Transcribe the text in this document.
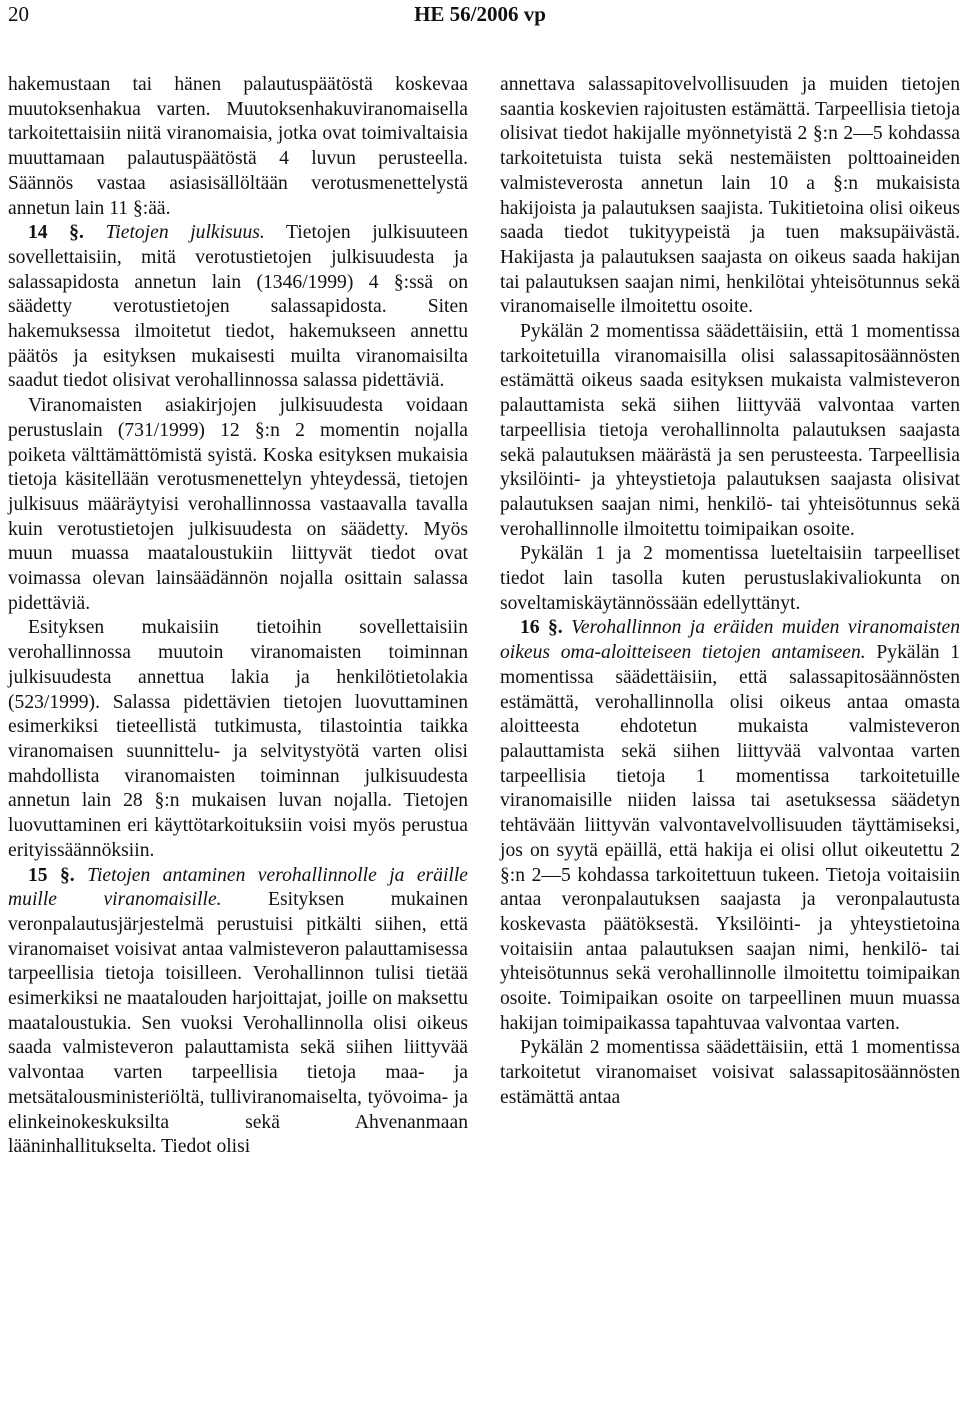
20	HE 56/2006 vp

hakemustaan tai hänen palautuspäätöstä koskevaa muutoksenhakua varten. Muutoksenhakuviranomaisella tarkoitettaisiin niitä viranomaisia, jotka ovat toimivaltaisia muuttamaan palautuspäätöstä 4 luvun perusteella. Säännös vastaa asiasisällöltään verotusmenettelystä annetun lain 11 §:ää.

14 §. Tietojen julkisuus. Tietojen julkisuuteen sovellettaisiin, mitä verotustietojen julkisuudesta ja salassapidosta annetun lain (1346/1999) 4 §:ssä on säädetty verotustietojen salassapidosta. Siten hakemuksessa ilmoitetut tiedot, hakemukseen annettu päätös ja esityksen mukaisesti muilta viranomaisilta saadut tiedot olisivat verohallinnossa salassa pidettäviä.

Viranomaisten asiakirjojen julkisuudesta voidaan perustuslain (731/1999) 12 §:n 2 momentin nojalla poiketa välttämättömistä syistä. Koska esityksen mukaisia tietoja käsitellään verotusmenettelyn yhteydessä, tietojen julkisuus määräytyisi verohallinnossa vastaavalla tavalla kuin verotustietojen julkisuudesta on säädetty. Myös muun muassa maataloustukiin liittyvät tiedot ovat voimassa olevan lainsäädännön nojalla osittain salassa pidettäviä.

Esityksen mukaisiin tietoihin sovellettaisiin verohallinnossa muutoin viranomaisten toiminnan julkisuudesta annettua lakia ja henkilötietolakia (523/1999). Salassa pidettävien tietojen luovuttaminen esimerkiksi tieteellistä tutkimusta, tilastointia taikka viranomaisen suunnittelu- ja selvitystyötä varten olisi mahdollista viranomaisten toiminnan julkisuudesta annetun lain 28 §:n mukaisen luvan nojalla. Tietojen luovuttaminen eri käyttötarkoituksiin voisi myös perustua erityissäännöksiin.

15 §. Tietojen antaminen verohallinnolle ja eräille muille viranomaisille. Esityksen mukainen veronpalautusjärjestelmä perustuisi pitkälti siihen, että viranomaiset voisivat antaa valmisteveron palauttamisessa tarpeellisia tietoja toisilleen. Verohallinnon tulisi tietää esimerkiksi ne maatalouden harjoittajat, joille on maksettu maataloustukia. Sen vuoksi Verohallinnolla olisi oikeus saada valmisteveron palauttamista sekä siihen liittyvää valvontaa varten tarpeellisia tietoja maa- ja metsätalousministeriöltä, tulliviranomaiselta, työvoima- ja elinkeinokeskuksilta sekä Ahvenanmaan lääninhallitukselta. Tiedot olisi

annettava salassapitovelvollisuuden ja muiden tietojen saantia koskevien rajoitusten estämättä. Tarpeellisia tietoja olisivat tiedot hakijalle myönnetyistä 2 §:n 2—5 kohdassa tarkoitetuista tuista sekä nestemäisten polttoaineiden valmisteverosta annetun lain 10 a §:n mukaisista hakijoista ja palautuksen saajista. Tukitietoina olisi oikeus saada tiedot tukityypeistä ja tuen maksupäivästä. Hakijasta ja palautuksen saajasta on oikeus saada hakijan tai palautuksen saajan nimi, henkilötai yhteisötunnus sekä viranomaiselle ilmoitettu osoite.

Pykälän 2 momentissa säädettäisiin, että 1 momentissa tarkoitetuilla viranomaisilla olisi salassapitosäännösten estämättä oikeus saada esityksen mukaista valmisteveron palauttamista sekä siihen liittyvää valvontaa varten tarpeellisia tietoja verohallinnolta palautuksen saajasta sekä palautuksen määrästä ja sen perusteesta. Tarpeellisia yksilöinti- ja yhteystietoja palautuksen saajasta olisivat palautuksen saajan nimi, henkilö- tai yhteisötunnus sekä verohallinnolle ilmoitettu toimipaikan osoite.

Pykälän 1 ja 2 momentissa lueteltaisiin tarpeelliset tiedot lain tasolla kuten perustuslakivaliokunta on soveltamiskäytännössään edellyttänyt.

16 §. Verohallinnon ja eräiden muiden viranomaisten oikeus oma-aloitteiseen tietojen antamiseen. Pykälän 1 momentissa säädettäisiin, että salassapitosäännösten estämättä, verohallinnolla olisi oikeus antaa omasta aloitteesta ehdotetun mukaista valmisteveron palauttamista sekä siihen liittyvää valvontaa varten tarpeellisia tietoja 1 momentissa tarkoitetuille viranomaisille niiden laissa tai asetuksessa säädetyn tehtävään liittyvän valvontavelvollisuuden täyttämiseksi, jos on syytä epäillä, että hakija ei olisi ollut oikeutettu 2 §:n 2—5 kohdassa tarkoitettuun tukeen. Tietoja voitaisiin antaa veronpalautuksen saajasta ja veronpalautusta koskevasta päätöksestä. Yksilöinti- ja yhteystietoina voitaisiin antaa palautuksen saajan nimi, henkilö- tai yhteisötunnus sekä verohallinnolle ilmoitettu toimipaikan osoite. Toimipaikan osoite on tarpeellinen muun muassa hakijan toimipaikassa tapahtuvaa valvontaa varten.

Pykälän 2 momentissa säädettäisiin, että 1 momentissa tarkoitetut viranomaiset voisivat salassapitosäännösten estämättä antaa
